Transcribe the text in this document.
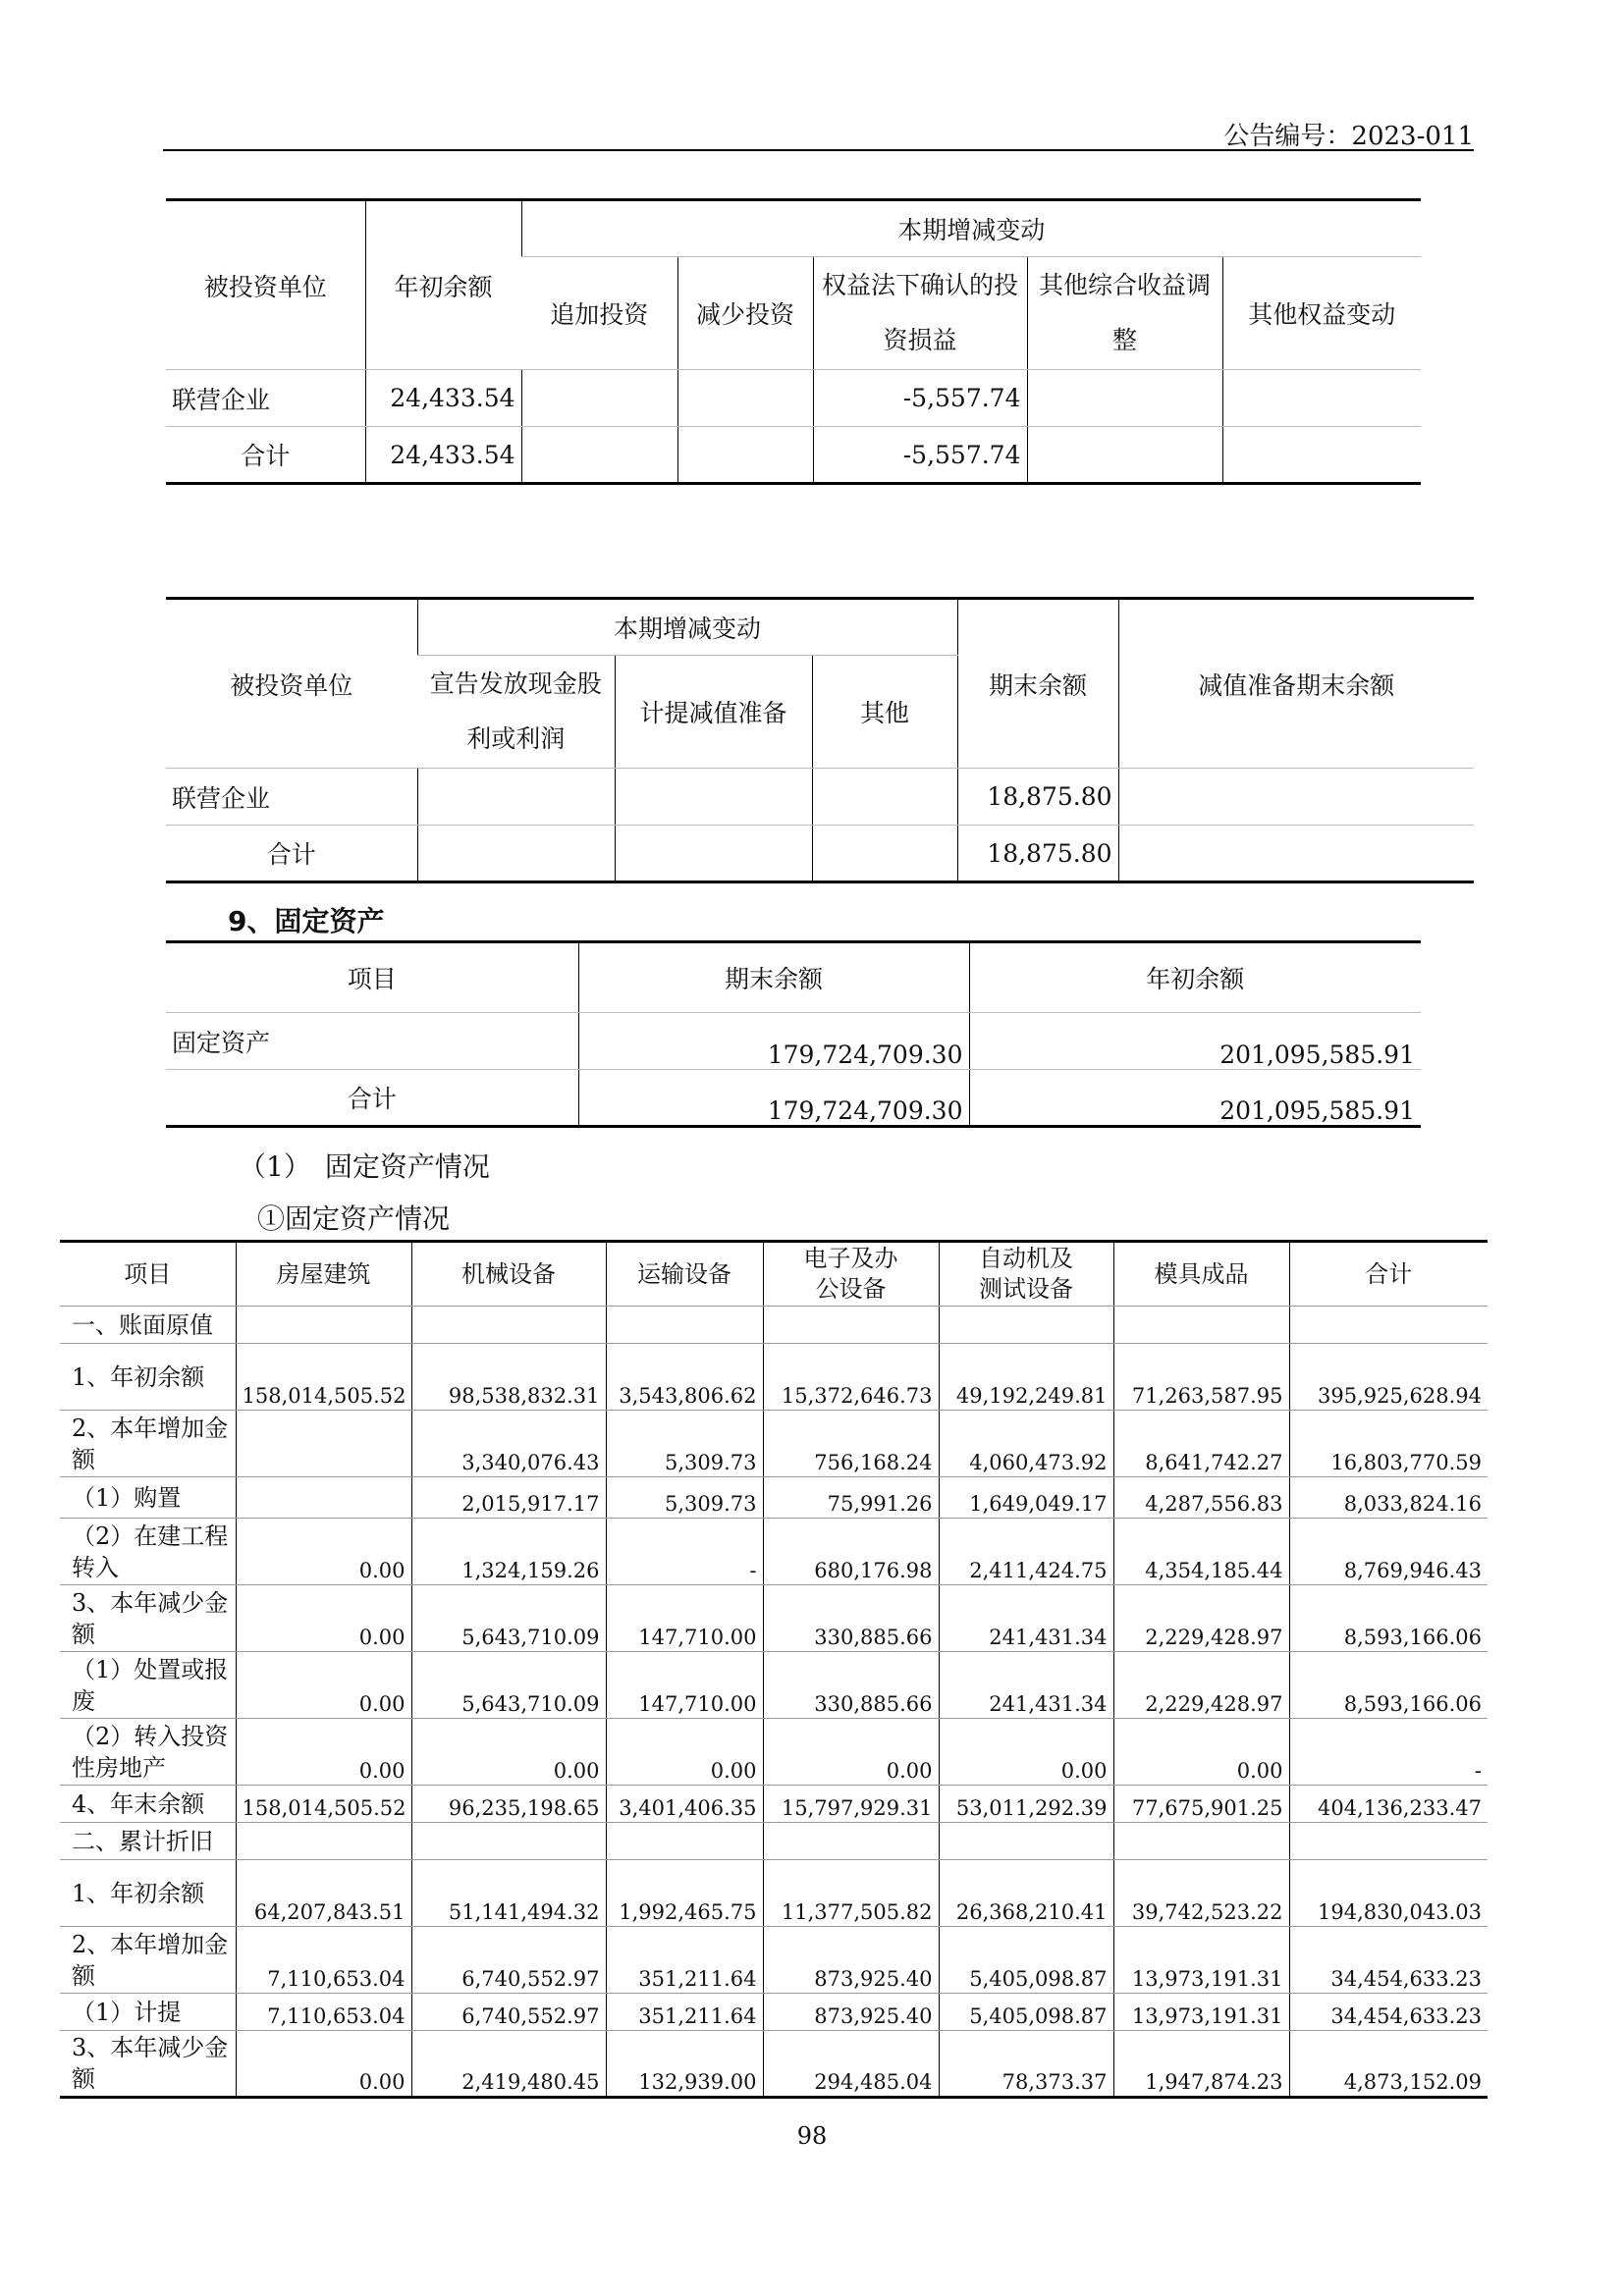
公告编号：2023-011
被投资单位	年初余额	本期增减变动				
		追加投资	减少投资	权益法下确认的投资损益	其他综合收益调整	其他权益变动
联营企业	24,433.54			-5,557.74		
合计	24,433.54			-5,557.74		
被投资单位	本期增减变动			期末余额	减值准备期末余额
	宣告发放现金股利或利润	计提减值准备	其他		
联营企业				18,875.80	
合计				18,875.80	
9、固定资产
项目	期末余额	年初余额
固定资产	179,724,709.30	201,095,585.91
合计	179,724,709.30	201,095,585.91
（1）　固定资产情况
①固定资产情况
项目	房屋建筑	机械设备	运输设备	电子及办公设备	自动机及测试设备	模具成品	合计
一、账面原值							
1、年初余额	158,014,505.52	98,538,832.31	3,543,806.62	15,372,646.73	49,192,249.81	71,263,587.95	395,925,628.94
2、本年增加金额		3,340,076.43	5,309.73	756,168.24	4,060,473.92	8,641,742.27	16,803,770.59
（1）购置		2,015,917.17	5,309.73	75,991.26	1,649,049.17	4,287,556.83	8,033,824.16
（2）在建工程转入	0.00	1,324,159.26	-	680,176.98	2,411,424.75	4,354,185.44	8,769,946.43
3、本年减少金额	0.00	5,643,710.09	147,710.00	330,885.66	241,431.34	2,229,428.97	8,593,166.06
（1）处置或报废	0.00	5,643,710.09	147,710.00	330,885.66	241,431.34	2,229,428.97	8,593,166.06
（2）转入投资性房地产	0.00	0.00	0.00	0.00	0.00	0.00	-
4、年末余额	158,014,505.52	96,235,198.65	3,401,406.35	15,797,929.31	53,011,292.39	77,675,901.25	404,136,233.47
二、累计折旧							
1、年初余额	64,207,843.51	51,141,494.32	1,992,465.75	11,377,505.82	26,368,210.41	39,742,523.22	194,830,043.03
2、本年增加金额	7,110,653.04	6,740,552.97	351,211.64	873,925.40	5,405,098.87	13,973,191.31	34,454,633.23
（1）计提	7,110,653.04	6,740,552.97	351,211.64	873,925.40	5,405,098.87	13,973,191.31	34,454,633.23
3、本年减少金额	0.00	2,419,480.45	132,939.00	294,485.04	78,373.37	1,947,874.23	4,873,152.09
98
